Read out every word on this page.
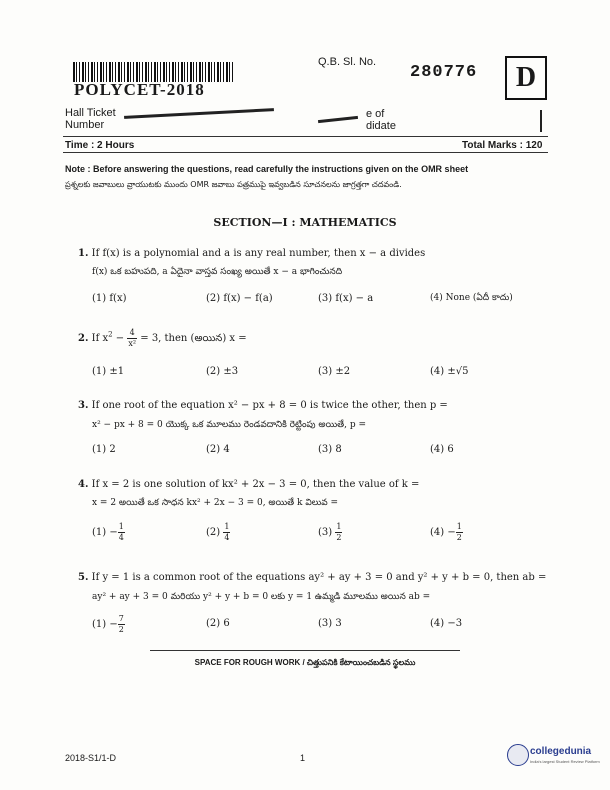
POLYCET-2018
Q.B. Sl. No.
280776	D
Hall Ticket
Number
e of
didate
Time : 2 Hours	Total Marks : 120
Note : Before answering the questions, read carefully the instructions given on the OMR sheet
ప్రశ్నలకు జవాబులు వ్రాయుటకు ముందు OMR జవాబు పత్రముపై ఇవ్వబడిన సూచనలను జాగ్రత్తగా చదవండి.
SECTION—I : MATHEMATICS
1. If f(x) is a polynomial and a is any real number, then x − a divides
f(x) ఒక బహుపది, a ఏదైనా వాస్తవ సంఖ్య అయితే x − a భాగించునది
(1) f(x)	(2) f(x) − f(a)	(3) f(x) − a	(4) None (ఏదీ కాదు)
2. If $x^2 - \frac{4}{\text{x²}} = 3$, then (అయిన) x =
(1) ±1	(2) ±3	(3) ±2	(4) ±√5
3. If one root of the equation x² − px + 8 = 0 is twice the other, then p =
x² − px + 8 = 0 యొక్క ఒక మూలము రెండవదానికి రెట్టింపు అయితే, p =
(1) 2	(2) 4	(3) 8	(4) 6
4. If x = 2 is one solution of kx² + 2x − 3 = 0, then the value of k =
x = 2 అయితే ఒక సాధన kx² + 2x − 3 = 0, అయితే k విలువ =
$(1) - \frac{1}{4}$	$(2) \frac{1}{4}$	$(3) \frac{1}{2}$	$(4) - \frac{1}{2}$
5. If y = 1 is a common root of the equations ay² + ay + 3 = 0 and y² + y + b = 0, then ab =
ay² + ay + 3 = 0 మరియు y² + y + b = 0 లకు y = 1 ఉమ్మడి మూలము అయిన ab =
$(1) - \frac{7}{2}$	(2) 6	(3) 3	(4) −3
SPACE FOR ROUGH WORK / చిత్తుపనికి కేటాయించబడిన స్థలము
2018-S1/1-D	1
collegedunia
India's largest Student Review Platform
